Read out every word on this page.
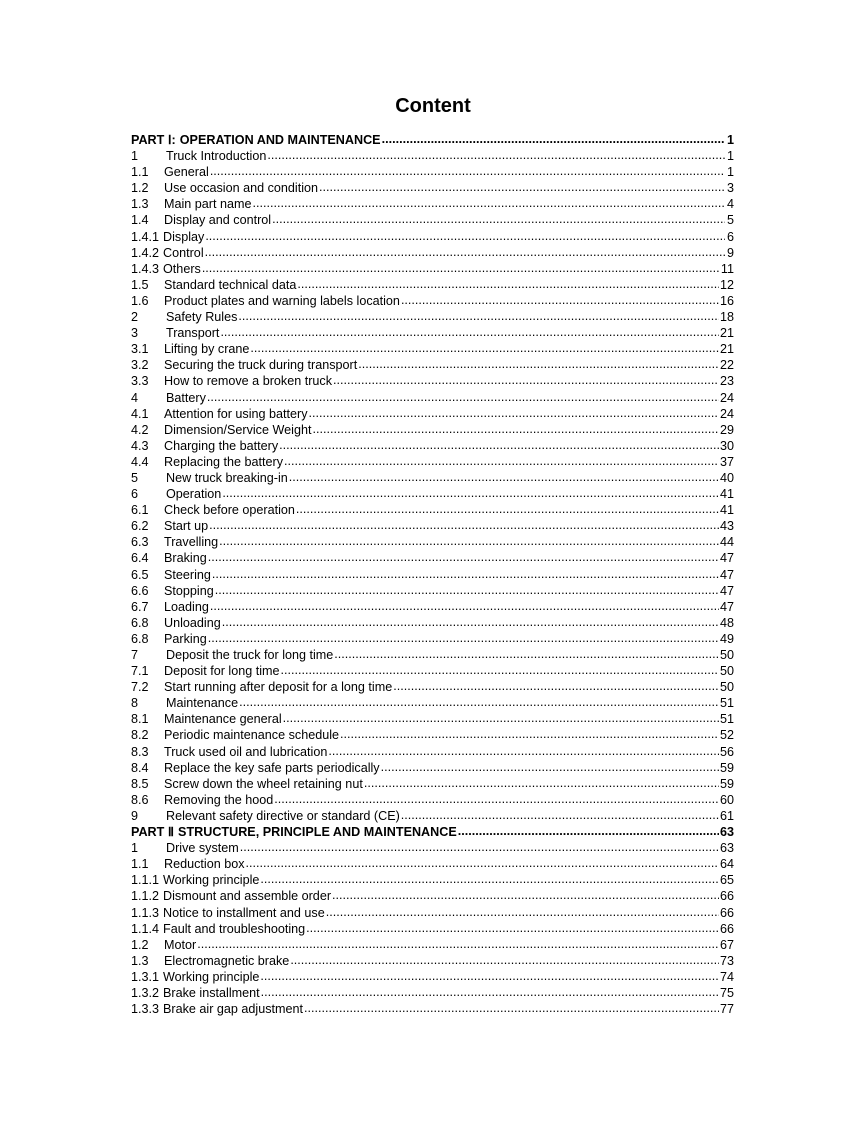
Content
PART Ⅰ: OPERATION AND MAINTENANCE .....	1
1	Truck Introduction .....	1
1.1	General .....	1
1.2	Use occasion and condition .....	3
1.3	Main part name .....	4
1.4	Display and control .....	5
1.4.1 Display .....	6
1.4.2 Control .....	9
1.4.3 Others .....	11
1.5	Standard technical data .....	12
1.6	Product plates and warning labels location .....	16
2	Safety Rules .....	18
3	Transport .....	21
3.1	Lifting by crane .....	21
3.2	Securing the truck during transport .....	22
3.3	How to remove a broken truck .....	23
4	Battery .....	24
4.1	Attention for using battery .....	24
4.2	Dimension/Service Weight .....	29
4.3	Charging the battery .....	30
4.4	Replacing the battery .....	37
5	New truck breaking-in .....	40
6	Operation .....	41
6.1	Check before operation .....	41
6.2	Start up .....	43
6.3	Travelling .....	44
6.4	Braking .....	47
6.5	Steering .....	47
6.6	Stopping .....	47
6.7	Loading .....	47
6.8	Unloading .....	48
6.8	Parking .....	49
7	Deposit the truck for long time .....	50
7.1	Deposit for long time .....	50
7.2	Start running after deposit for a long time .....	50
8	Maintenance .....	51
8.1	Maintenance general .....	51
8.2	Periodic maintenance schedule .....	52
8.3	Truck used oil and lubrication .....	56
8.4	Replace the key safe parts periodically .....	59
8.5	Screw down the wheel retaining nut .....	59
8.6	Removing the hood .....	60
9	Relevant safety directive or standard (CE) .....	61
PART Ⅱ STRUCTURE, PRINCIPLE AND MAINTENANCE .....	63
1	Drive system .....	63
1.1	Reduction box .....	64
1.1.1 Working principle .....	65
1.1.2 Dismount and assemble order .....	66
1.1.3 Notice to installment and use .....	66
1.1.4 Fault and troubleshooting .....	66
1.2	Motor .....	67
1.3	Electromagnetic brake .....	73
1.3.1 Working principle .....	74
1.3.2 Brake installment .....	75
1.3.3 Brake air gap adjustment .....	77
